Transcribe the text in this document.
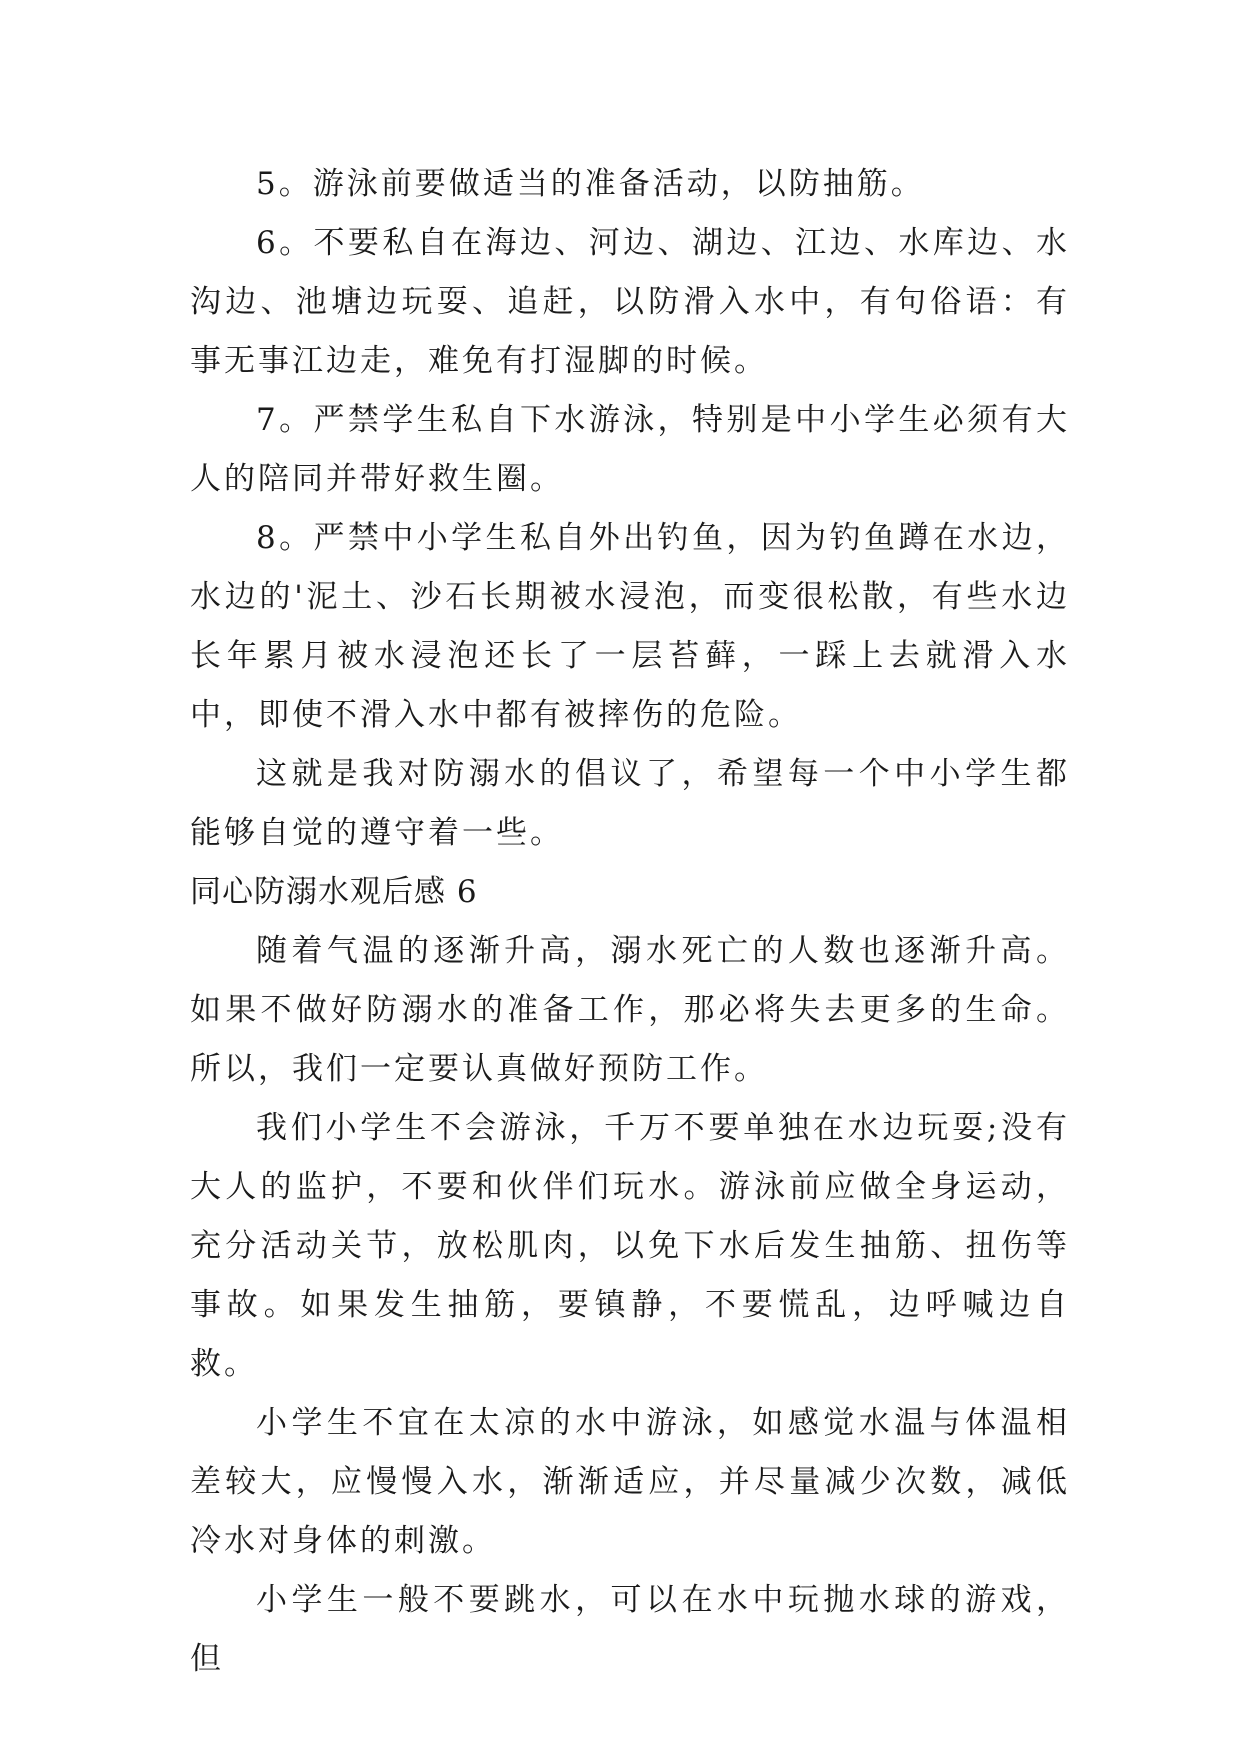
5。游泳前要做适当的准备活动，以防抽筋。

6。不要私自在海边、河边、湖边、江边、水库边、水沟边、池塘边玩耍、追赶，以防滑入水中，有句俗语：有事无事江边走，难免有打湿脚的时候。

7。严禁学生私自下水游泳，特别是中小学生必须有大人的陪同并带好救生圈。

8。严禁中小学生私自外出钓鱼，因为钓鱼蹲在水边，水边的'泥土、沙石长期被水浸泡，而变很松散，有些水边长年累月被水浸泡还长了一层苔藓，一踩上去就滑入水中，即使不滑入水中都有被摔伤的危险。

这就是我对防溺水的倡议了，希望每一个中小学生都能够自觉的遵守着一些。

同心防溺水观后感 6

随着气温的逐渐升高，溺水死亡的人数也逐渐升高。如果不做好防溺水的准备工作，那必将失去更多的生命。所以，我们一定要认真做好预防工作。

我们小学生不会游泳，千万不要单独在水边玩耍;没有大人的监护，不要和伙伴们玩水。游泳前应做全身运动，充分活动关节，放松肌肉，以免下水后发生抽筋、扭伤等事故。如果发生抽筋，要镇静，不要慌乱，边呼喊边自救。

小学生不宜在太凉的水中游泳，如感觉水温与体温相差较大，应慢慢入水，渐渐适应，并尽量减少次数，减低冷水对身体的刺激。

小学生一般不要跳水，可以在水中玩抛水球的游戏，但
